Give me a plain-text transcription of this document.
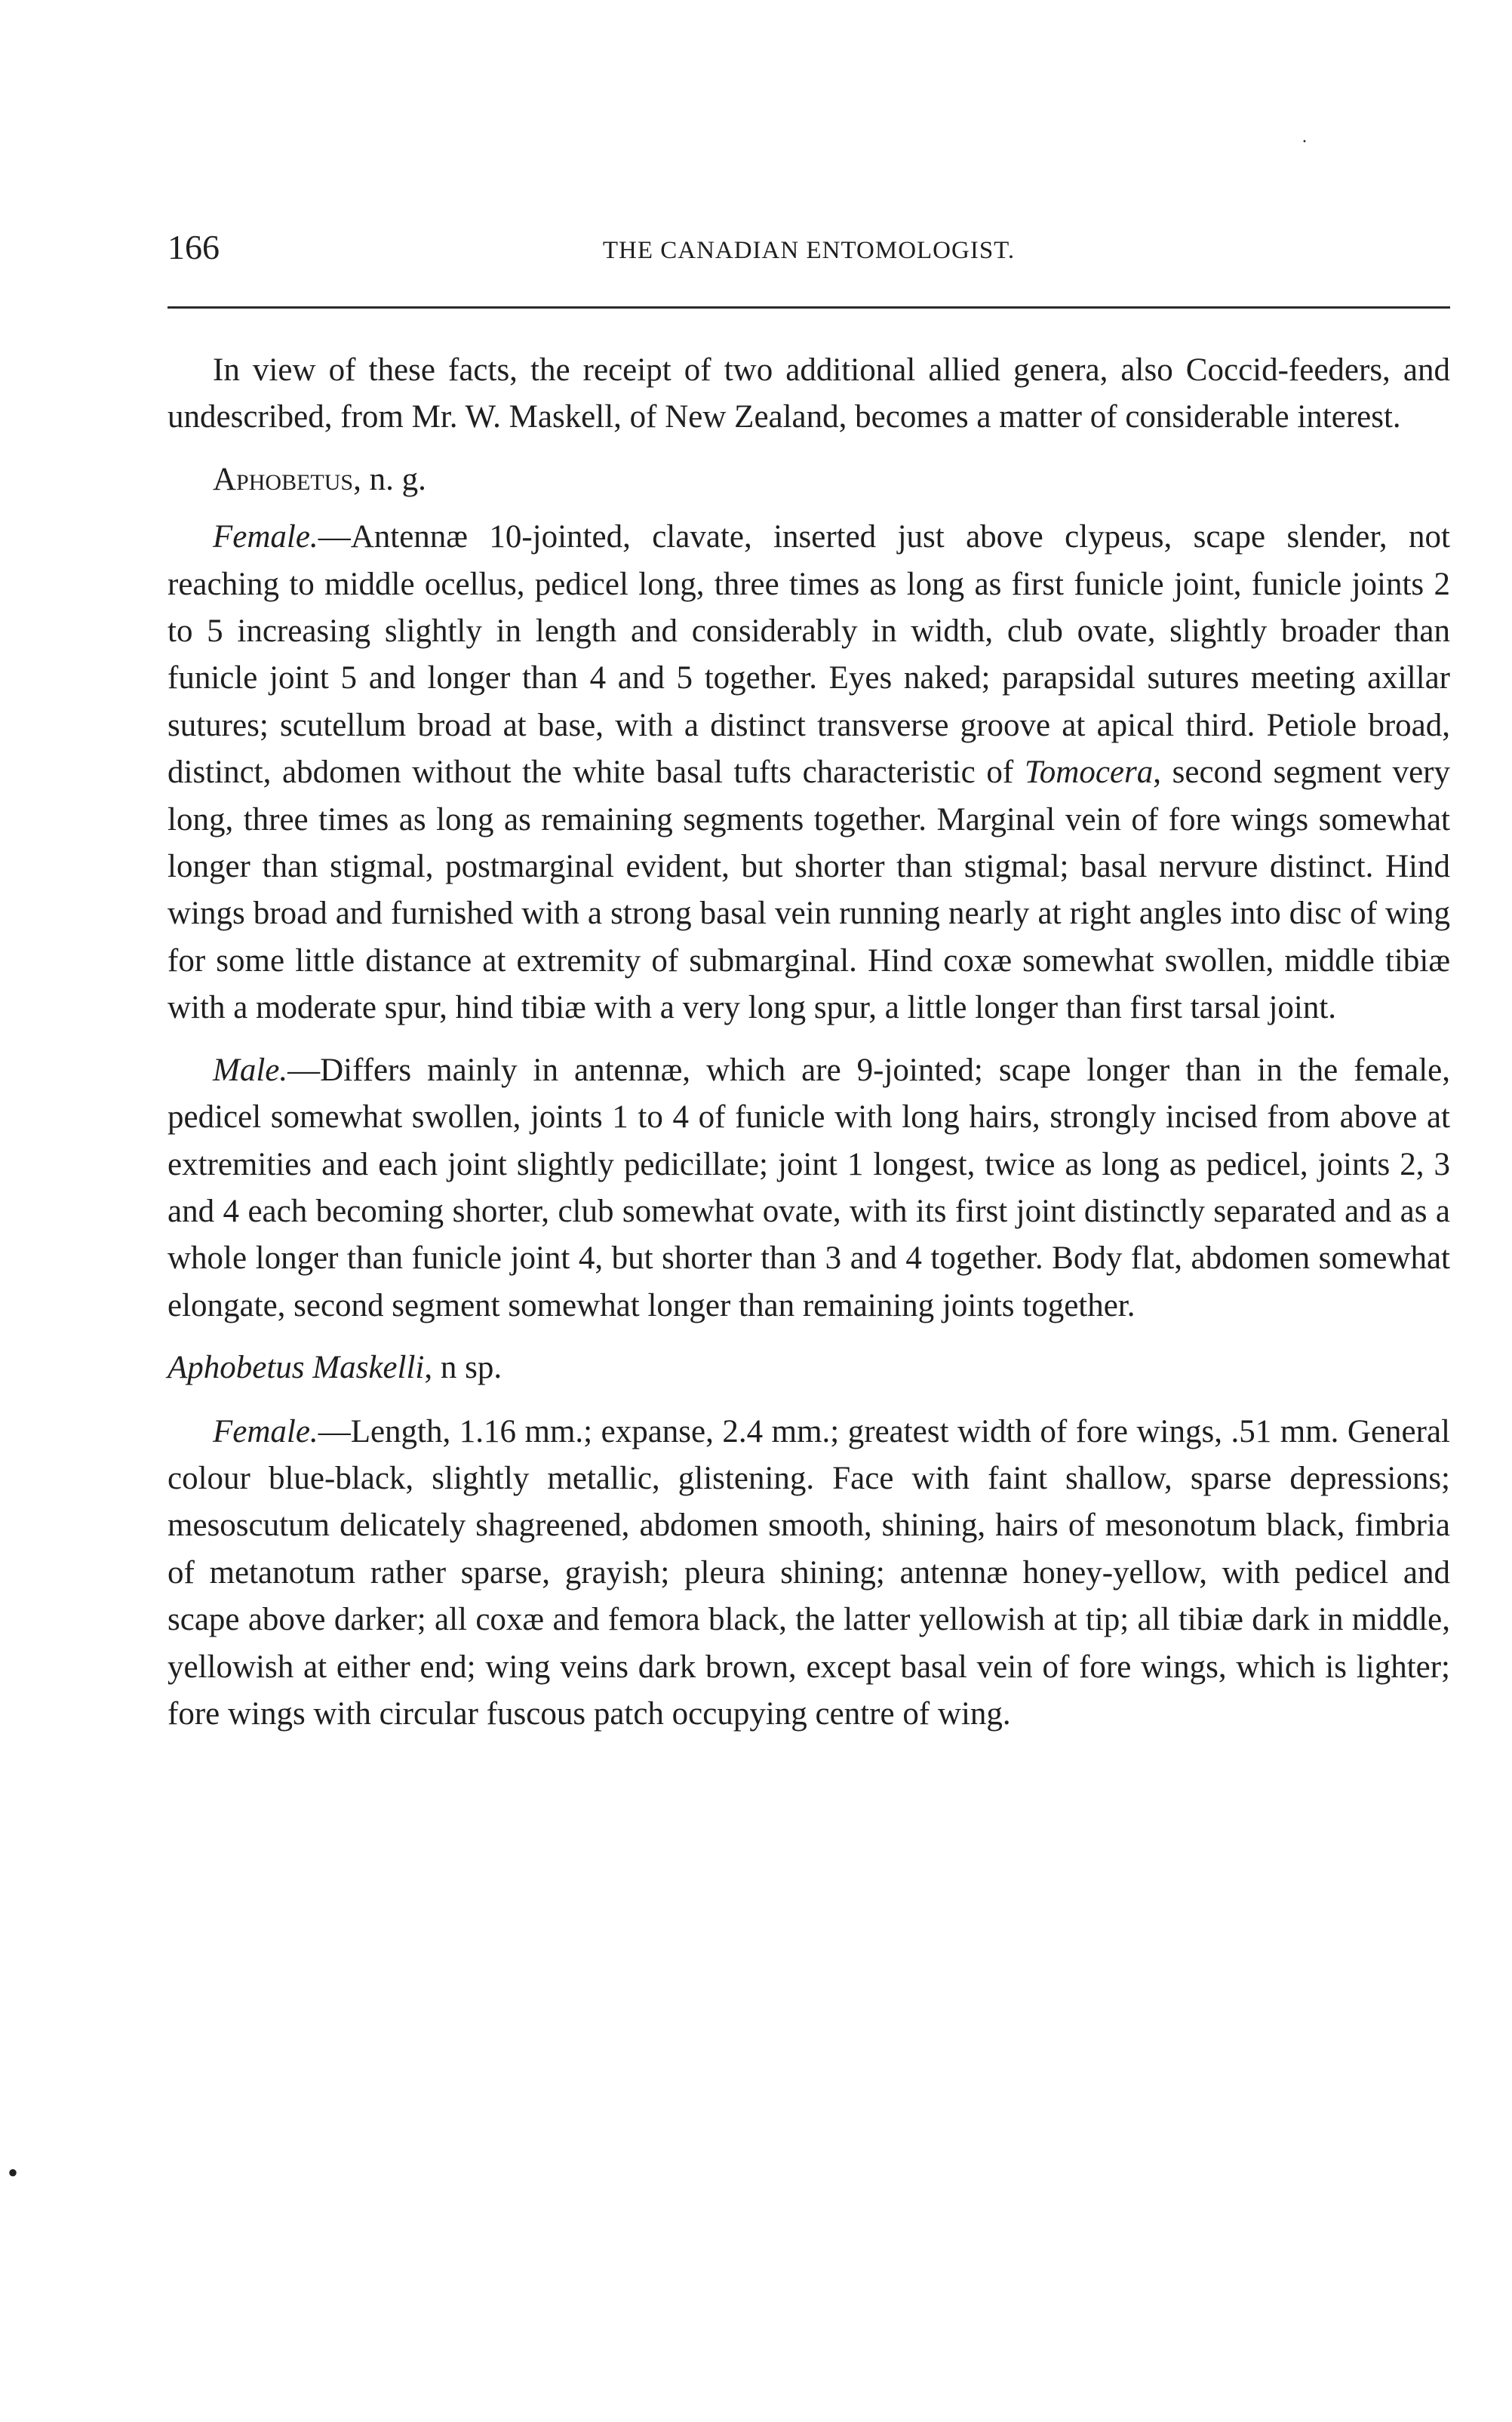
·
166	THE CANADIAN ENTOMOLOGIST.

In view of these facts, the receipt of two additional allied genera, also Coccid-feeders, and undescribed, from Mr. W. Maskell, of New Zealand, becomes a matter of considerable interest.

Aphobetus, n. g.

Female.—Antennæ 10-jointed, clavate, inserted just above clypeus, scape slender, not reaching to middle ocellus, pedicel long, three times as long as first funicle joint, funicle joints 2 to 5 increasing slightly in length and considerably in width, club ovate, slightly broader than funicle joint 5 and longer than 4 and 5 together. Eyes naked; parapsidal sutures meeting axillar sutures; scutellum broad at base, with a distinct transverse groove at apical third. Petiole broad, distinct, abdomen without the white basal tufts characteristic of Tomocera, second segment very long, three times as long as remaining segments together. Marginal vein of fore wings somewhat longer than stigmal, postmarginal evident, but shorter than stigmal; basal nervure distinct. Hind wings broad and furnished with a strong basal vein running nearly at right angles into disc of wing for some little distance at extremity of submarginal. Hind coxæ somewhat swollen, middle tibiæ with a moderate spur, hind tibiæ with a very long spur, a little longer than first tarsal joint.

Male.—Differs mainly in antennæ, which are 9-jointed; scape longer than in the female, pedicel somewhat swollen, joints 1 to 4 of funicle with long hairs, strongly incised from above at extremities and each joint slightly pedicillate; joint 1 longest, twice as long as pedicel, joints 2, 3 and 4 each becoming shorter, club somewhat ovate, with its first joint distinctly separated and as a whole longer than funicle joint 4, but shorter than 3 and 4 together. Body flat, abdomen somewhat elongate, second segment somewhat longer than remaining joints together.

Aphobetus Maskelli, n sp.

Female.—Length, 1.16 mm.; expanse, 2.4 mm.; greatest width of fore wings, .51 mm. General colour blue-black, slightly metallic, glistening. Face with faint shallow, sparse depressions; mesoscutum delicately shagreened, abdomen smooth, shining, hairs of mesonotum black, fimbria of metanotum rather sparse, grayish; pleura shining; antennæ honey-yellow, with pedicel and scape above darker; all coxæ and femora black, the latter yellowish at tip; all tibiæ dark in middle, yellowish at either end; wing veins dark brown, except basal vein of fore wings, which is lighter; fore wings with circular fuscous patch occupying centre of wing.

•
